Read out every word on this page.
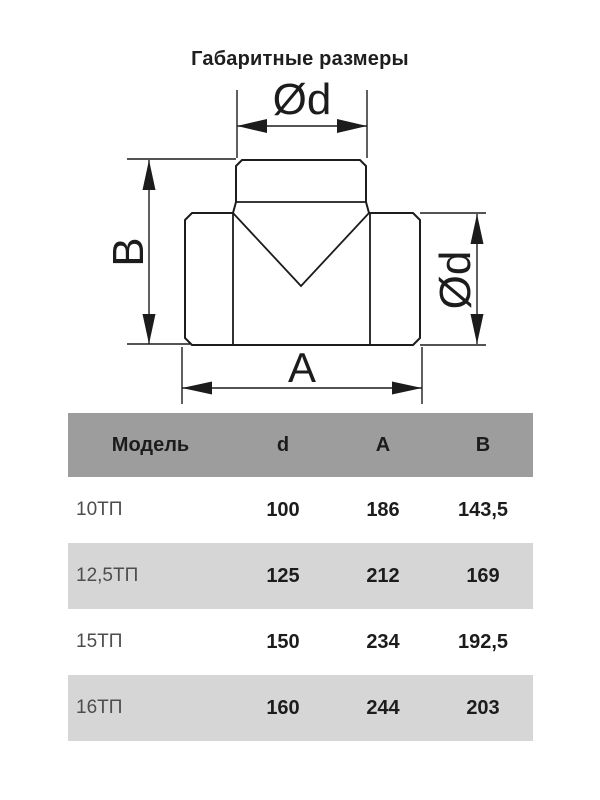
Габаритные размеры
Ød
B	Ød
A
Модель	d	A	B
10ТП	100	186	143,5
12,5ТП	125	212	169
15ТП	150	234	192,5
16ТП	160	244	203
